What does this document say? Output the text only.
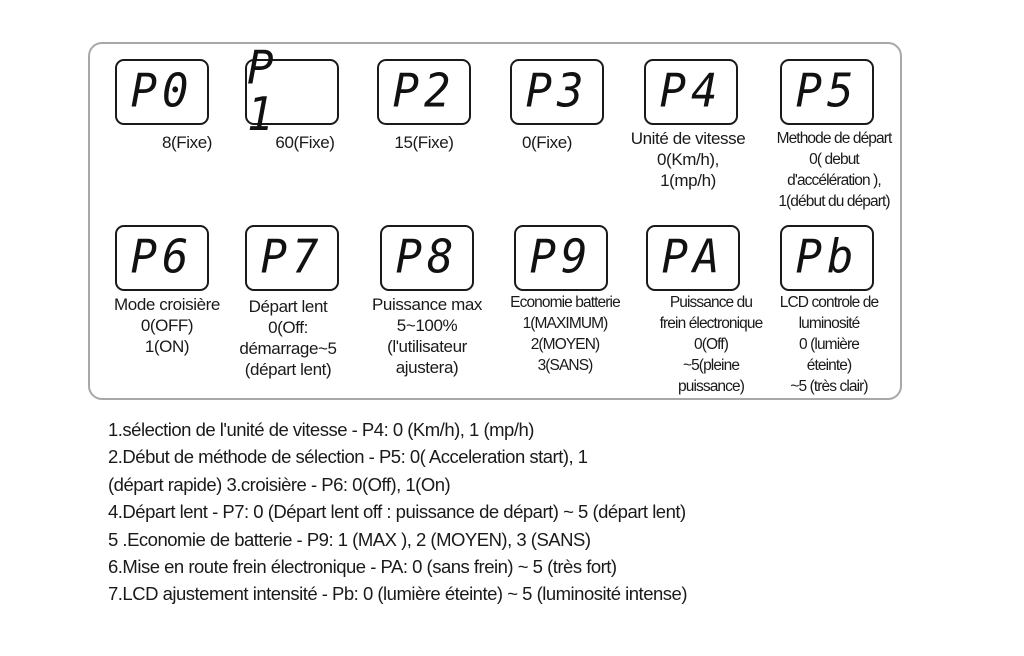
P0
8(Fixe)
P 1
60(Fixe)
P2
15(Fixe)
P3
0(Fixe)
P4
Unité de vitesse
0(Km/h),
1(mp/h)
P5
Methode de départ
0( debut
d'accélération ),
1(début du départ)
P6
Mode croisière
0(OFF)
1(ON)
P7
Départ lent
0(Off:
démarrage~5
(départ lent)
P8
Puissance max
5~100%
(l'utilisateur
ajustera)
P9
Economie batterie
1(MAXIMUM)
2(MOYEN)
3(SANS)
PA
Puissance du
frein électronique
0(Off)
~5(pleine
puissance)
Pb
LCD controle de
luminosité
0 (lumière
éteinte)
~5 (très clair)
1.sélection de l'unité de vitesse - P4: 0 (Km/h), 1 (mp/h)
2.Début de méthode de sélection - P5: 0( Acceleration start), 1
(départ rapide) 3.croisière - P6: 0(Off), 1(On)
4.Départ lent - P7: 0 (Départ lent off : puissance de départ) ~ 5 (départ lent)
5 .Economie de batterie - P9: 1 (MAX ), 2 (MOYEN), 3 (SANS)
6.Mise en route frein électronique - PA: 0 (sans frein) ~ 5 (très fort)
7.LCD ajustement intensité - Pb: 0 (lumière éteinte) ~ 5 (luminosité intense)
